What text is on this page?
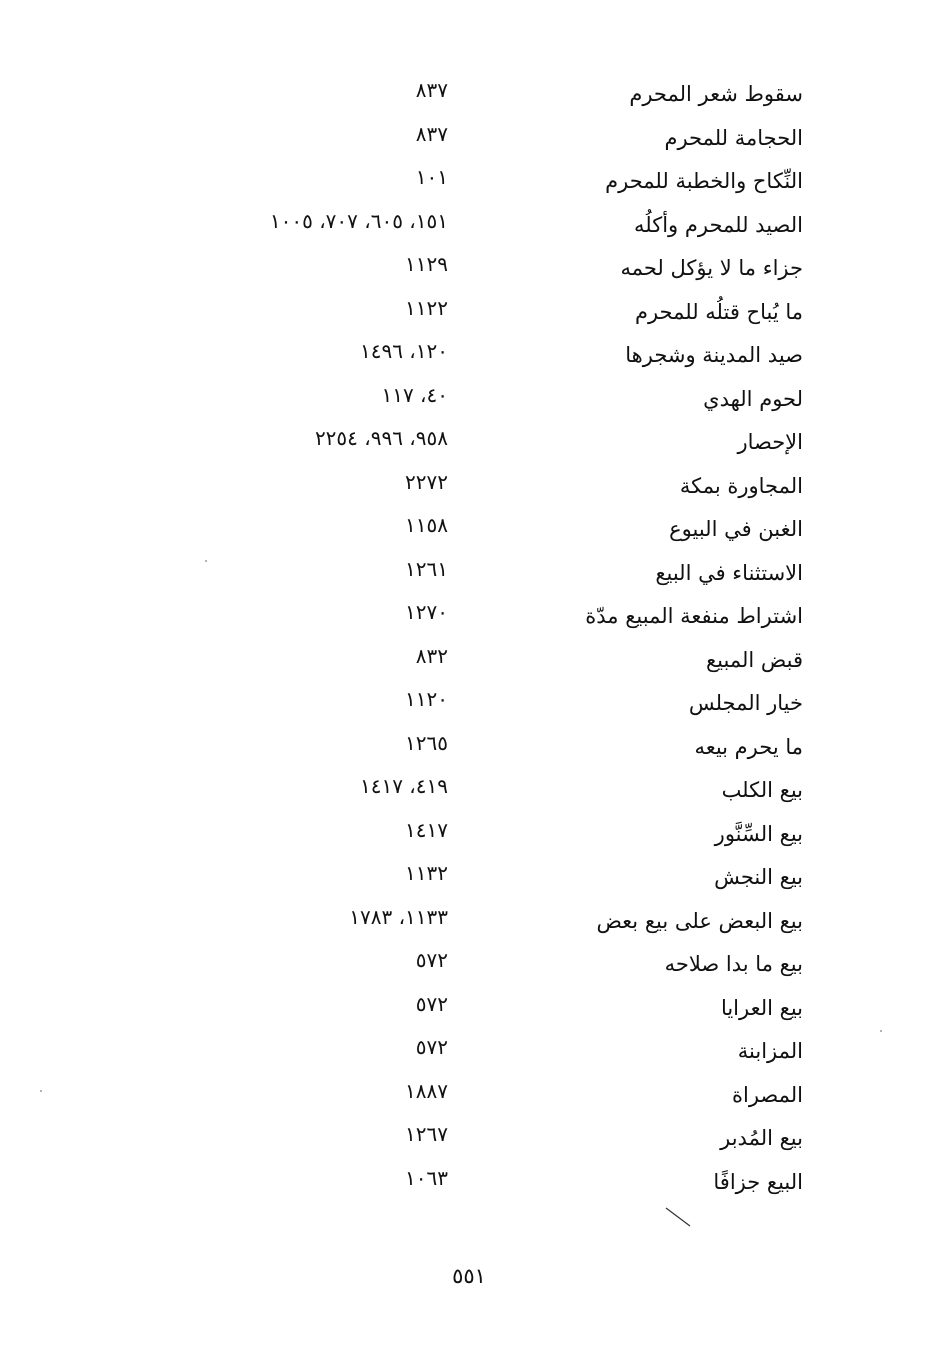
سقوط شعر المحرم
٨٣٧
الحجامة للمحرم
٨٣٧
النِّكاح والخطبة للمحرم
١٠١
الصيد للمحرم وأكلُه
١٥١، ٦٠٥، ٧٠٧، ١٠٠٥
جزاء ما لا يؤكل لحمه
١١٢٩
ما يُباح قتلُه للمحرم
١١٢٢
صيد المدينة وشجرها
١٢٠، ١٤٩٦
لحوم الهدي
٤٠، ١١٧
الإحصار
٩٥٨، ٩٩٦، ٢٢٥٤
المجاورة بمكة
٢٢٧٢
الغبن في البيوع
١١٥٨
الاستثناء في البيع
١٢٦١
اشتراط منفعة المبيع مدّة
١٢٧٠
قبض المبيع
٨٣٢
خيار المجلس
١١٢٠
ما يحرم بيعه
١٢٦٥
بيع الكلب
٤١٩، ١٤١٧
بيع السِّنَّور
١٤١٧
بيع النجش
١١٣٢
بيع البعض على بيع بعض
١١٣٣، ١٧٨٣
بيع ما بدا صلاحه
٥٧٢
بيع العرايا
٥٧٢
المزابنة
٥٧٢
المصراة
١٨٨٧
بيع المُدبر
١٢٦٧
البيع جزافًا
١٠٦٣
٥٥١
